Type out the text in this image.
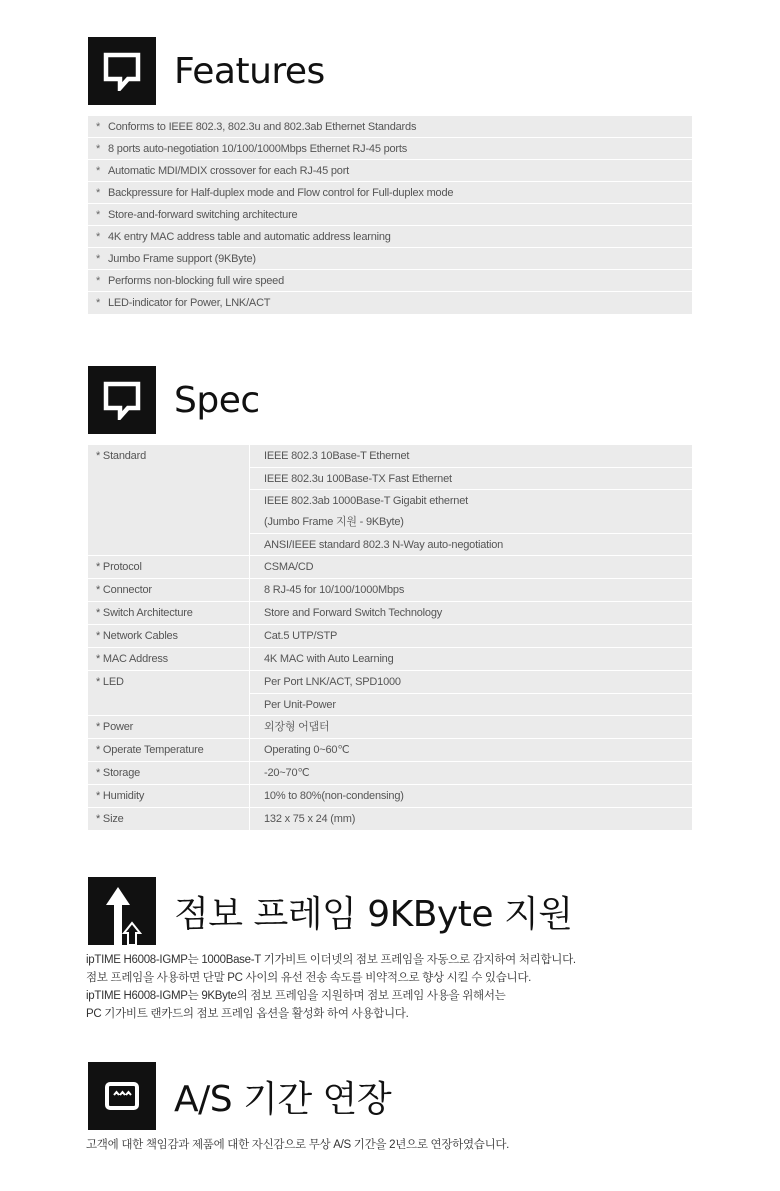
Features
* Conforms to IEEE 802.3, 802.3u and 802.3ab Ethernet Standards
* 8 ports auto-negotiation 10/100/1000Mbps Ethernet RJ-45 ports
* Automatic MDI/MDIX crossover for each RJ-45 port
* Backpressure for Half-duplex mode and Flow control for Full-duplex mode
* Store-and-forward switching architecture
* 4K entry MAC address table and automatic address learning
* Jumbo Frame support (9KByte)
* Performs non-blocking full wire speed
* LED-indicator for Power, LNK/ACT
Spec
* Standard	IEEE 802.3 10Base-T Ethernet
IEEE 802.3u 100Base-TX Fast Ethernet
IEEE 802.3ab 1000Base-T Gigabit ethernet
(Jumbo Frame 지원 - 9KByte)
ANSI/IEEE standard 802.3 N-Way auto-negotiation
* Protocol	CSMA/CD
* Connector	8 RJ-45 for 10/100/1000Mbps
* Switch Architecture	Store and Forward Switch Technology
* Network Cables	Cat.5 UTP/STP
* MAC Address	4K MAC with Auto Learning
* LED	Per Port LNK/ACT, SPD1000
Per Unit-Power
* Power	외장형 어댑터
* Operate Temperature	Operating 0~60℃
* Storage	-20~70℃
* Humidity	10% to 80%(non-condensing)
* Size	132 x 75 x 24 (mm)
점보 프레임 9KByte 지원
ipTIME H6008-IGMP는 1000Base-T 기가비트 이더넷의 점보 프레임을 자동으로 감지하여 처리합니다.
점보 프레임을 사용하면 단말 PC 사이의 유선 전송 속도를 비약적으로 향상 시킬 수 있습니다.
ipTIME H6008-IGMP는 9KByte의 점보 프레임을 지원하며 점보 프레임 사용을 위해서는
PC 기가비트 랜카드의 점보 프레임 옵션을 활성화 하여 사용합니다.
A/S 기간 연장
고객에 대한 책임감과 제품에 대한 자신감으로 무상 A/S 기간을 2년으로 연장하였습니다.
